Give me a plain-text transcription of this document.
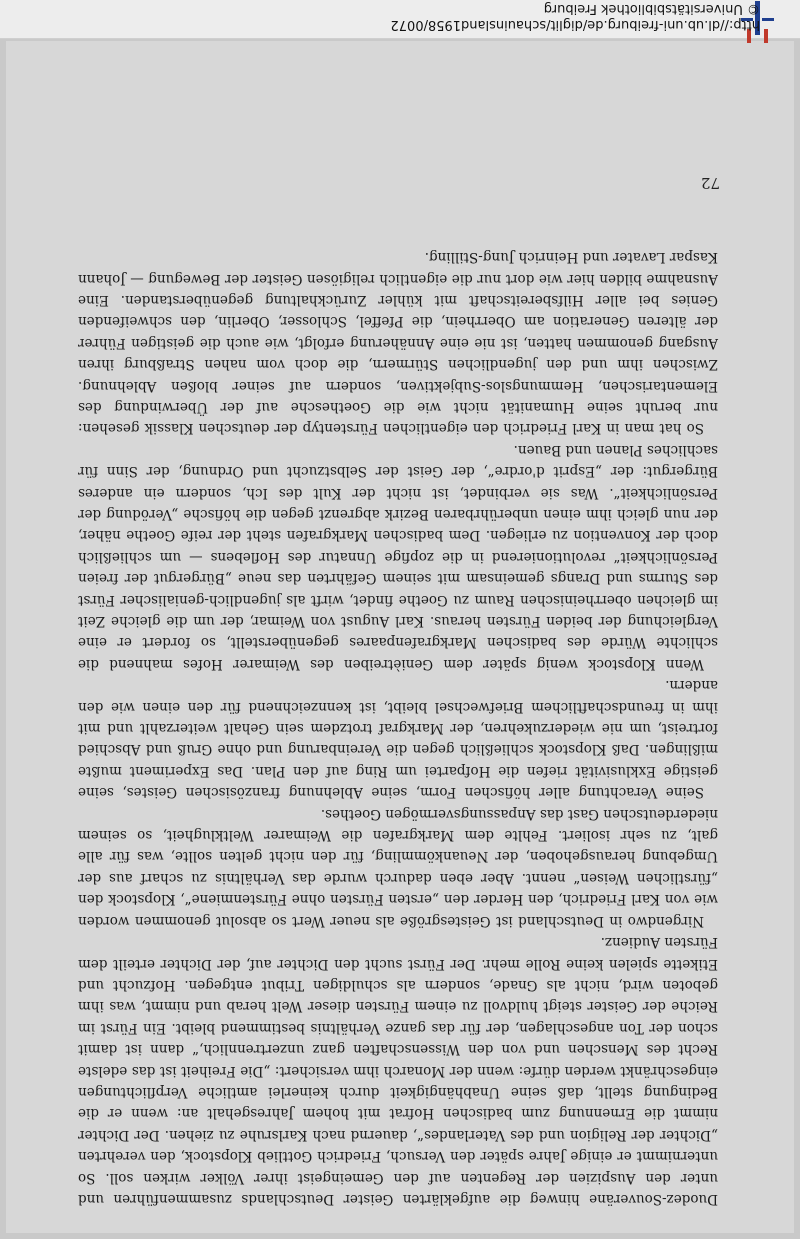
Duodez-Souveräne hinweg die aufgeklärten Geister Deutschlands zusammenführen und unter den Auspizien der Regenten auf den Gemeingeist ihrer Völker wirken soll. So unternimmt er einige Jahre später den Versuch, Friedrich Gottlieb Klopstock, den verehrten „Dichter der Religion und des Vaterlandes“, dauernd nach Karlsruhe zu ziehen. Der Dichter nimmt die Ernennung zum badischen Hofrat mit hohem Jahresgehalt an: wenn er die Bedingung stellt, daß seine Unabhängigkeit durch keinerlei amtliche Verpflichtungen eingeschränkt werden dürfe: wenn der Monarch ihm versichert: „Die Freiheit ist das edelste Recht des Menschen und von den Wissenschaften ganz unzertrennlich,“ dann ist damit schon der Ton angeschlagen, der für das ganze Verhältnis bestimmend bleibt. Ein Fürst im Reiche der Geister steigt huldvoll zu einem Fürsten dieser Welt herab und nimmt, was ihm geboten wird, nicht als Gnade, sondern als schuldigen Tribut entgegen. Hofzucht und Etikette spielen keine Rolle mehr. Der Fürst sucht den Dichter auf, der Dichter erteilt dem Fürsten Audienz.

Nirgendwo in Deutschland ist Geistesgröße als neuer Wert so absolut genommen worden wie von Karl Friedrich, den Herder den „ersten Fürsten ohne Fürstenmiene“, Klopstock den „fürstlichen Weisen“ nennt. Aber eben dadurch wurde das Verhältnis zu scharf aus der Umgebung herausgehoben, der Neuankömmling, für den nicht gelten sollte, was für alle galt, zu sehr isoliert. Fehlte dem Markgrafen die Weimarer Weltklugheit, so seinem niederdeutschen Gast das Anpassungsvermögen Goethes.

Seine Verachtung aller höfischen Form, seine Ablehnung französischen Geistes, seine geistige Exklusivität riefen die Hofpartei um Ring auf den Plan. Das Experiment mußte mißlingen. Daß Klopstock schließlich gegen die Vereinbarung und ohne Gruß und Abschied fortreist, um nie wiederzukehren, der Markgraf trotzdem sein Gehalt weiterzahlt und mit ihm in freundschaftlichem Briefwechsel bleibt, ist kennzeichnend für den einen wie den andern.

Wenn Klopstock wenig später dem Geniètreiben des Weimarer Hofes mahnend die schlichte Würde des badischen Markgrafenpaares gegenüberstellt, so fordert er eine Vergleichung der beiden Fürsten heraus. Karl August von Weimar, der um die gleiche Zeit im gleichen oberrheinischen Raum zu Goethe findet, wirft als jugendlich-genialischer Fürst des Sturms und Drangs gemeinsam mit seinem Gefährten das neue „Bürgergut der freien Persönlichkeit“ revolutionierend in die zopfige Unnatur des Hoflebens — um schließlich doch der Konvention zu erliegen. Dem badischen Markgrafen steht der reife Goethe näher, der nun gleich ihm einen unberührbaren Bezirk abgrenzt gegen die höfische „Verödung der Persönlichkeit“. Was sie verbindet, ist nicht der Kult des Ich, sondern ein anderes Bürgergut: der „Esprit d'ordre“, der Geist der Selbstzucht und Ordnung, der Sinn für sachliches Planen und Bauen.

So hat man in Karl Friedrich den eigentlichen Fürstentyp der deutschen Klassik gesehen: nur beruht seine Humanität nicht wie die Goethesche auf der Überwindung des Elementarischen, Hemmungslos-Subjektiven, sondern auf seiner bloßen Ablehnung. Zwischen ihm und den jugendlichen Stürmern, die doch vom nahen Straßburg ihren Ausgang genommen hatten, ist nie eine Annäherung erfolgt, wie auch die geistigen Führer der älteren Generation am Oberrhein, die Pfeffel, Schlosser, Oberlin, den schweifenden Genies bei aller Hilfsbereitschaft mit kühler Zurückhaltung gegenüberstanden. Eine Ausnahme bilden hier wie dort nur die eigentlich religiösen Geister der Bewegung — Johann Kaspar Lavater und Heinrich Jung-Stilling.

72
http://dl.ub.uni-freiburg.de/diglit/schauinsland1958/0072
© Universitätsbibliothek Freiburg
